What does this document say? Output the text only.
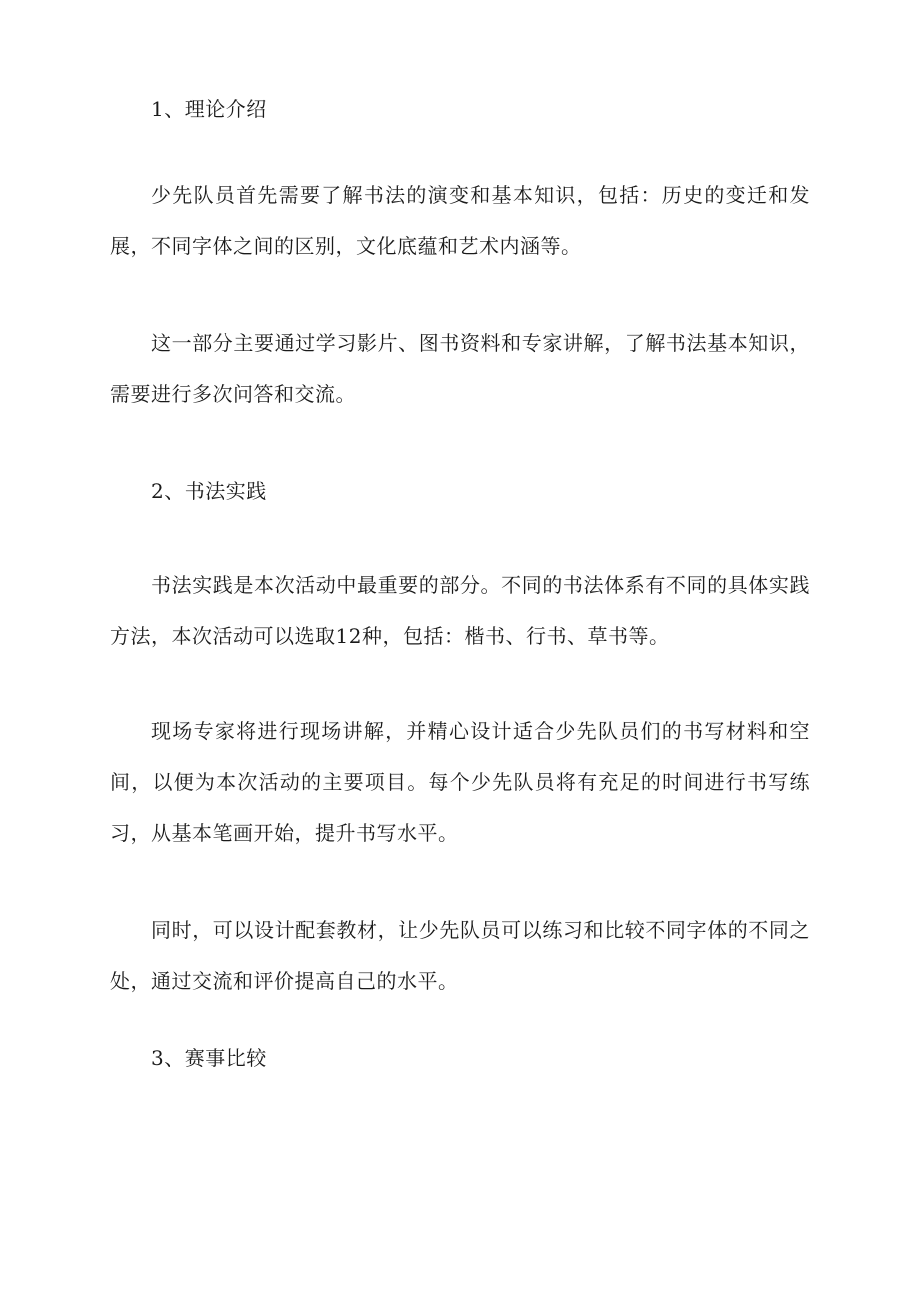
1、理论介绍
少先队员首先需要了解书法的演变和基本知识，包括：历史的变迁和发展，不同字体之间的区别，文化底蕴和艺术内涵等。
这一部分主要通过学习影片、图书资料和专家讲解，了解书法基本知识，需要进行多次问答和交流。
2、书法实践
书法实践是本次活动中最重要的部分。不同的书法体系有不同的具体实践方法，本次活动可以选取12种，包括：楷书、行书、草书等。
现场专家将进行现场讲解，并精心设计适合少先队员们的书写材料和空间，以便为本次活动的主要项目。每个少先队员将有充足的时间进行书写练习，从基本笔画开始，提升书写水平。
同时，可以设计配套教材，让少先队员可以练习和比较不同字体的不同之处，通过交流和评价提高自己的水平。
3、赛事比较
